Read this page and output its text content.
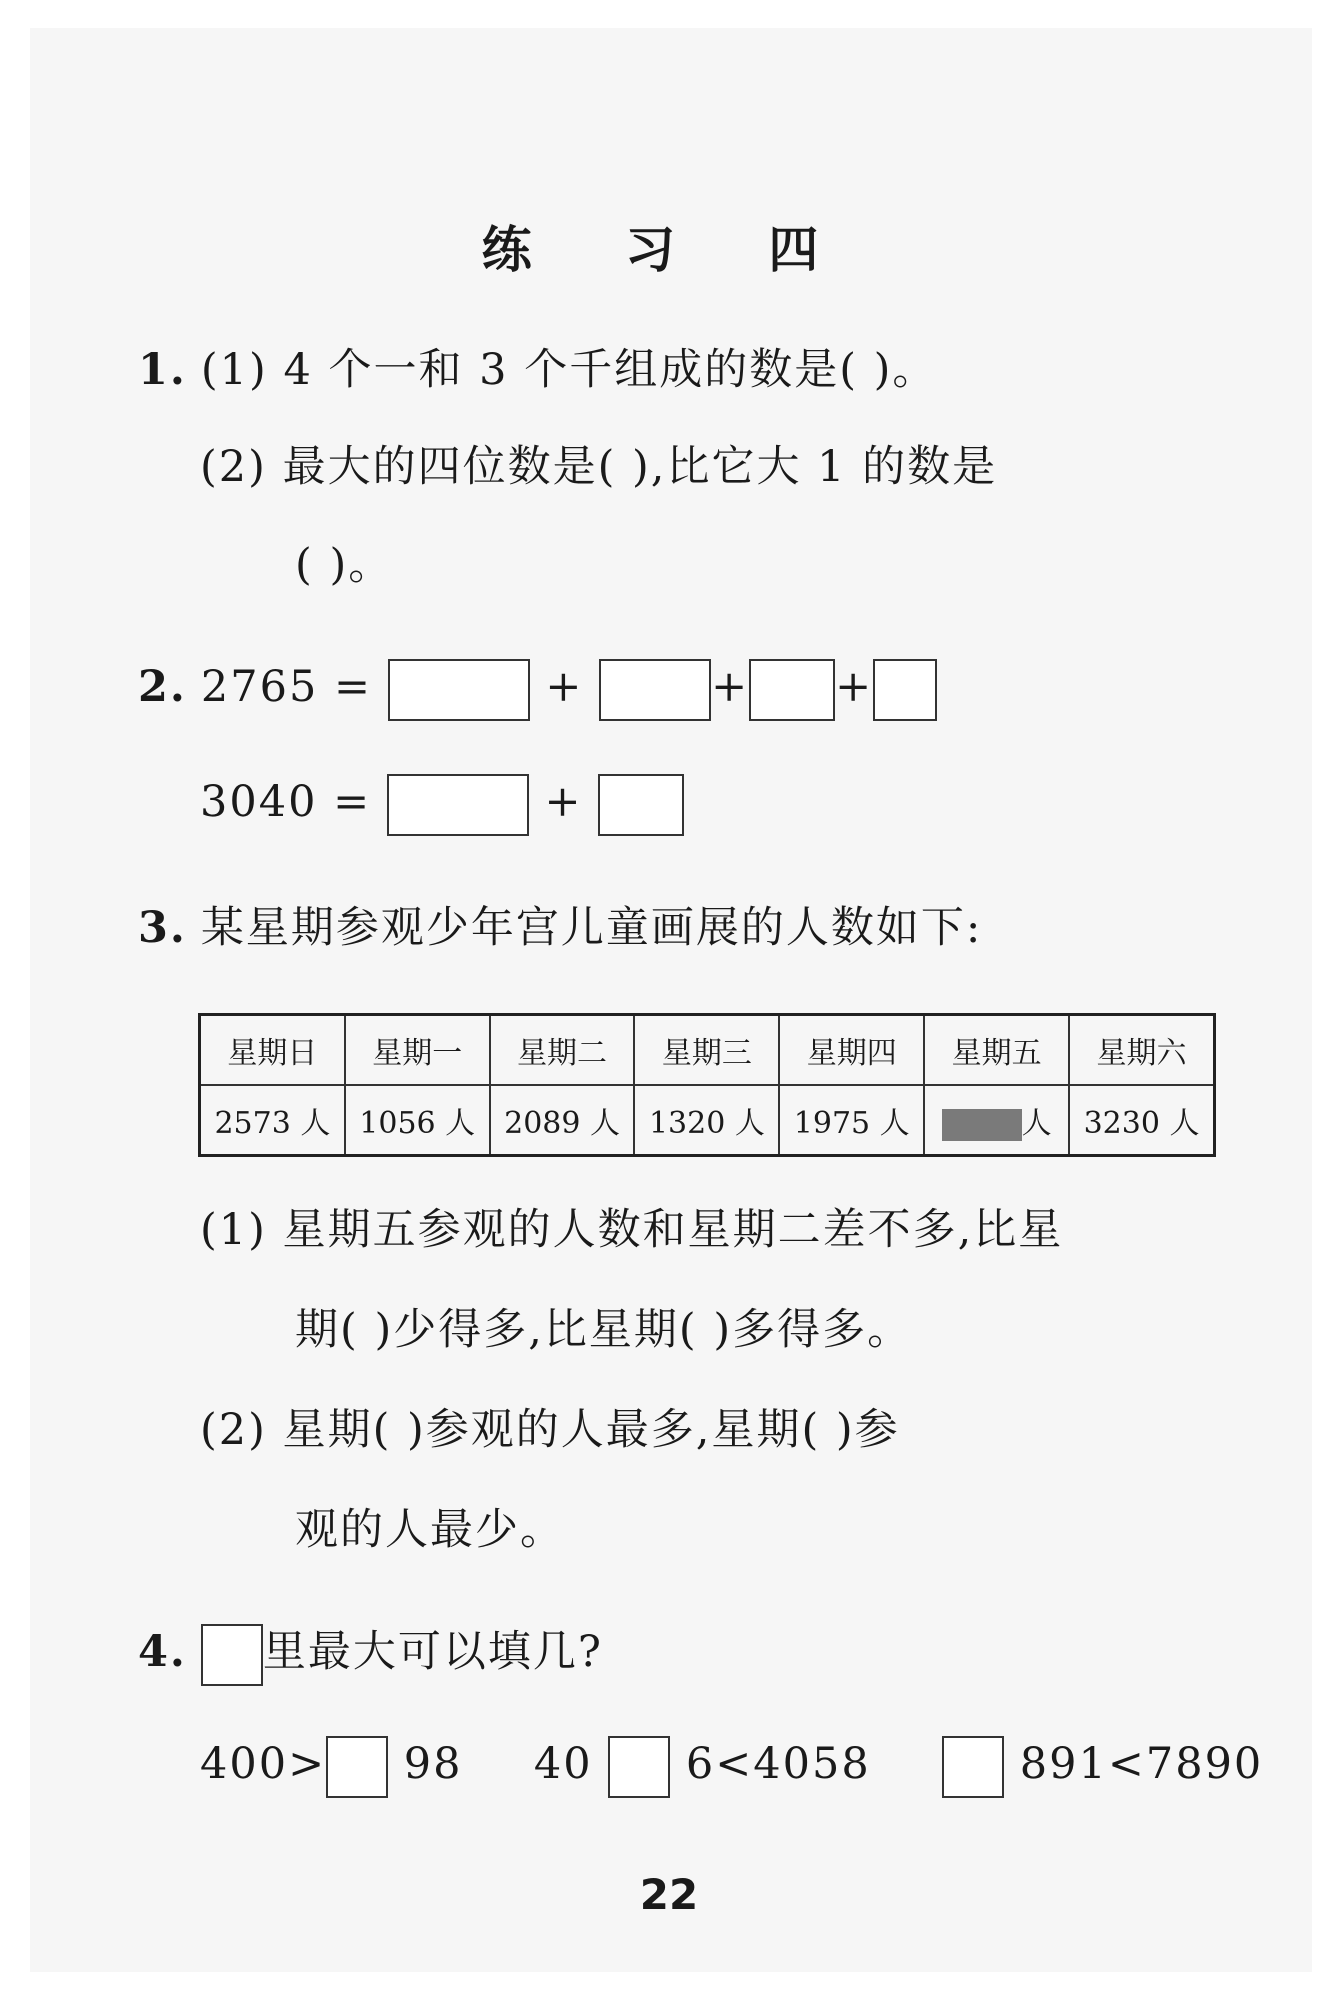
练 习 四
1. (1) 4 个一和 3 个千组成的数是( )。
(2) 最大的四位数是( ),比它大 1 的数是
( )。
2. 2765 =	+	+ +
3040 =	+
3. 某星期参观少年宫儿童画展的人数如下:
星期日	星期一	星期二	星期三	星期四	星期五	星期六
2573 人	1056 人	2089 人	1320 人	1975 人	人	3230 人
(1) 星期五参观的人数和星期二差不多,比星
期( )少得多,比星期( )多得多。
(2) 星期( )参观的人最多,星期( )参
观的人最少。
4. 里最大可以填几?
400> 98 40 6<4058	891<7890
22
